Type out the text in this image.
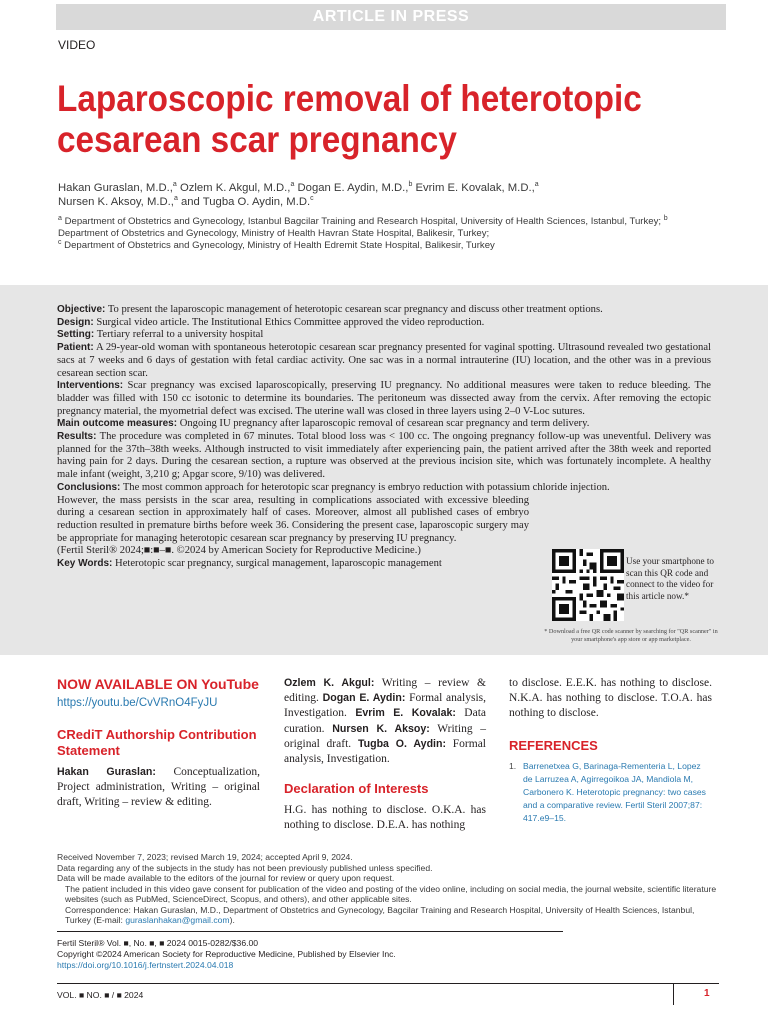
ARTICLE IN PRESS
VIDEO
Laparoscopic removal of heterotopic cesarean scar pregnancy
Hakan Guraslan, M.D.,$^a$ Ozlem K. Akgul, M.D.,$^a$ Dogan E. Aydin, M.D.,$^b$ Evrim E. Kovalak, M.D.,$^a$
Nursen K. Aksoy, M.D.,$^a$ and Tugba O. Aydin, M.D.$^c$
$^a$ Department of Obstetrics and Gynecology, Istanbul Bagcilar Training and Research Hospital, University of Health Sciences, Istanbul, Turkey; $^b$ Department of Obstetrics and Gynecology, Ministry of Health Havran State Hospital, Balikesir, Turkey;
$^c$ Department of Obstetrics and Gynecology, Ministry of Health Edremit State Hospital, Balikesir, Turkey

Objective: To present the laparoscopic management of heterotopic cesarean scar pregnancy and discuss other treatment options.

Design: Surgical video article. The Institutional Ethics Committee approved the video reproduction.

Setting: Tertiary referral to a university hospital

Patient: A 29-year-old woman with spontaneous heterotopic cesarean scar pregnancy presented for vaginal spotting. Ultrasound revealed two gestational sacs at 7 weeks and 6 days of gestation with fetal cardiac activity. One sac was in a normal intrauterine (IU) location, and the other was in a previous cesarean section scar.

Interventions: Scar pregnancy was excised laparoscopically, preserving IU pregnancy. No additional measures were taken to reduce bleeding. The bladder was filled with 150 cc isotonic to determine its boundaries. The peritoneum was dissected away from the cervix. After removing the ectopic pregnancy material, the myometrial defect was excised. The uterine wall was closed in three layers using 2–0 V-Loc sutures.

Main outcome measures: Ongoing IU pregnancy after laparoscopic removal of cesarean scar pregnancy and term delivery.

Results: The procedure was completed in 67 minutes. Total blood loss was < 100 cc. The ongoing pregnancy follow-up was uneventful. Delivery was planned for the 37th–38th weeks. Although instructed to visit immediately after experiencing pain, the patient arrived after the 38th week and reported having pain for 2 days. During the cesarean section, a rupture was observed at the previous incision site, which was fortunately incomplete. A healthy male infant (weight, 3,210 g; Apgar score, 9/10) was delivered.

Conclusions: The most common approach for heterotopic scar pregnancy is embryo reduction with potassium chloride injection.

However, the mass persists in the scar area, resulting in complications associated with excessive bleeding during a cesarean section in approximately half of cases. Moreover, almost all published cases of embryo reduction resulted in premature births before week 36. Considering the present case, laparoscopic surgery may be appropriate for managing heterotopic cesarean scar pregnancy by preserving IU pregnancy.

(Fertil Steril® 2024;■:■–■. ©2024 by American Society for Reproductive Medicine.)

Key Words: Heterotopic scar pregnancy, surgical management, laparoscopic management	Use your smartphone to scan this QR code and connect to the video for this article now.*
* Download a free QR code scanner by searching for "QR scanner" in your smartphone's app store or app marketplace.
NOW AVAILABLE ON YouTube
https://youtu.be/CvVRnO4FyJU
CRediT Authorship Contribution Statement

Hakan Guraslan: Conceptualization, Project administration, Writing – original draft, Writing – review & editing.

Ozlem K. Akgul: Writing – review & editing. Dogan E. Aydin: Formal analysis, Investigation. Evrim E. Kovalak: Data curation. Nursen K. Aksoy: Writing – original draft. Tugba O. Aydin: Formal analysis, Investigation.

Declaration of Interests

H.G. has nothing to disclose. O.K.A. has nothing to disclose. D.E.A. has nothing

to disclose. E.E.K. has nothing to disclose. N.K.A. has nothing to disclose. T.O.A. has nothing to disclose.

REFERENCES
1. Barrenetxea G, Barinaga-Rementeria L, Lopez de Larruzea A, Agirregoikoa JA, Mandiola M, Carbonero K. Heterotopic pregnancy: two cases and a comparative review. Fertil Steril 2007;87: 417.e9–15.
Received November 7, 2023; revised March 19, 2024; accepted April 9, 2024.
Data regarding any of the subjects in the study has not been previously published unless specified.
Data will be made available to the editors of the journal for review or query upon request.
The patient included in this video gave consent for publication of the video and posting of the video online, including on social media, the journal website, scientific literature websites (such as PubMed, ScienceDirect, Scopus, and others), and other applicable sites.
Correspondence: Hakan Guraslan, M.D., Department of Obstetrics and Gynecology, Bagcilar Training and Research Hospital, University of Health Sciences, Istanbul, Turkey (E-mail: guraslanhakan@gmail.com).
Fertil Steril® Vol. ■, No. ■, ■ 2024 0015-0282/$36.00
Copyright ©2024 American Society for Reproductive Medicine, Published by Elsevier Inc.
https://doi.org/10.1016/j.fertnstert.2024.04.018
VOL. ■ NO. ■ / ■ 2024	1
